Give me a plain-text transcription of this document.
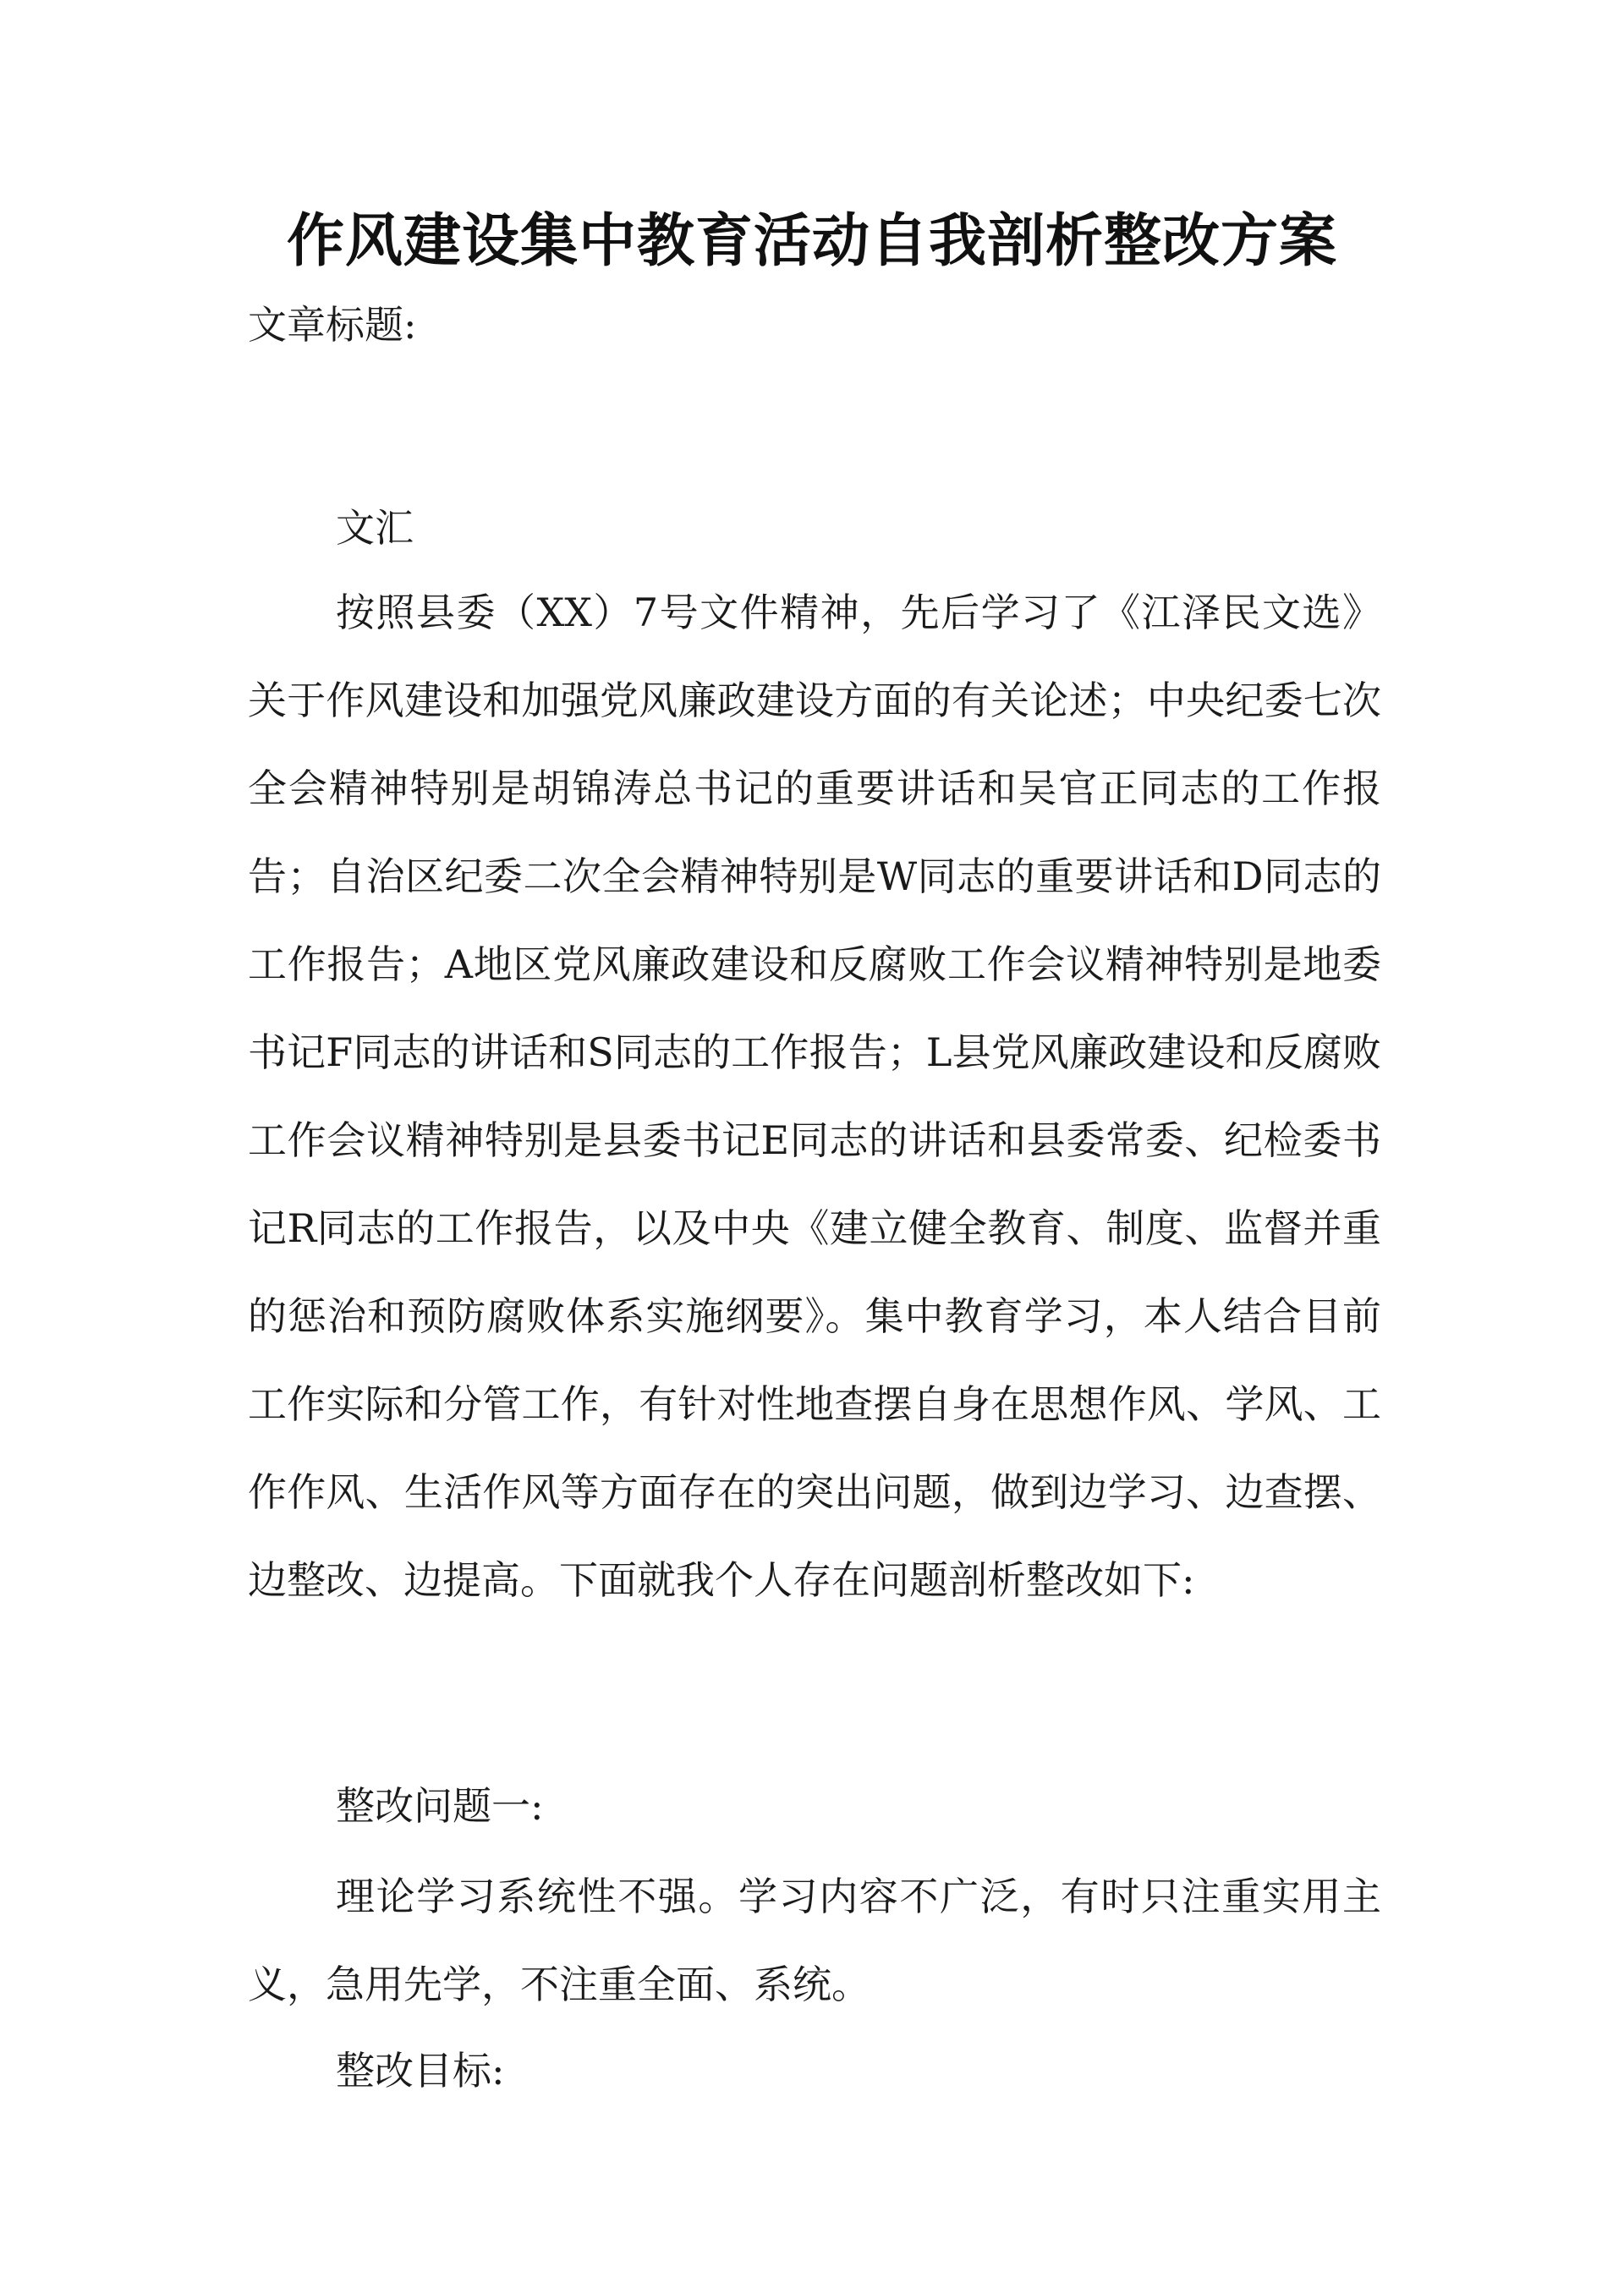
作风建设集中教育活动自我剖析整改方案
文章标题:
文汇

按照县委（XX）7号文件精神，先后学习了《江泽民文选》关于作风建设和加强党风廉政建设方面的有关论述；中央纪委七次全会精神特别是胡锦涛总书记的重要讲话和吴官正同志的工作报告；自治区纪委二次全会精神特别是W同志的重要讲话和D同志的工作报告；A地区党风廉政建设和反腐败工作会议精神特别是地委书记F同志的讲话和S同志的工作报告；L县党风廉政建设和反腐败工作会议精神特别是县委书记E同志的讲话和县委常委、纪检委书记R同志的工作报告，以及中央《建立健全教育、制度、监督并重的惩治和预防腐败体系实施纲要》。集中教育学习，本人结合目前工作实际和分管工作，有针对性地查摆自身在思想作风、学风、工作作风、生活作风等方面存在的突出问题，做到边学习、边查摆、边整改、边提高。下面就我个人存在问题剖析整改如下:

整改问题一:

理论学习系统性不强。学习内容不广泛，有时只注重实用主义，急用先学，不注重全面、系统。

整改目标:
